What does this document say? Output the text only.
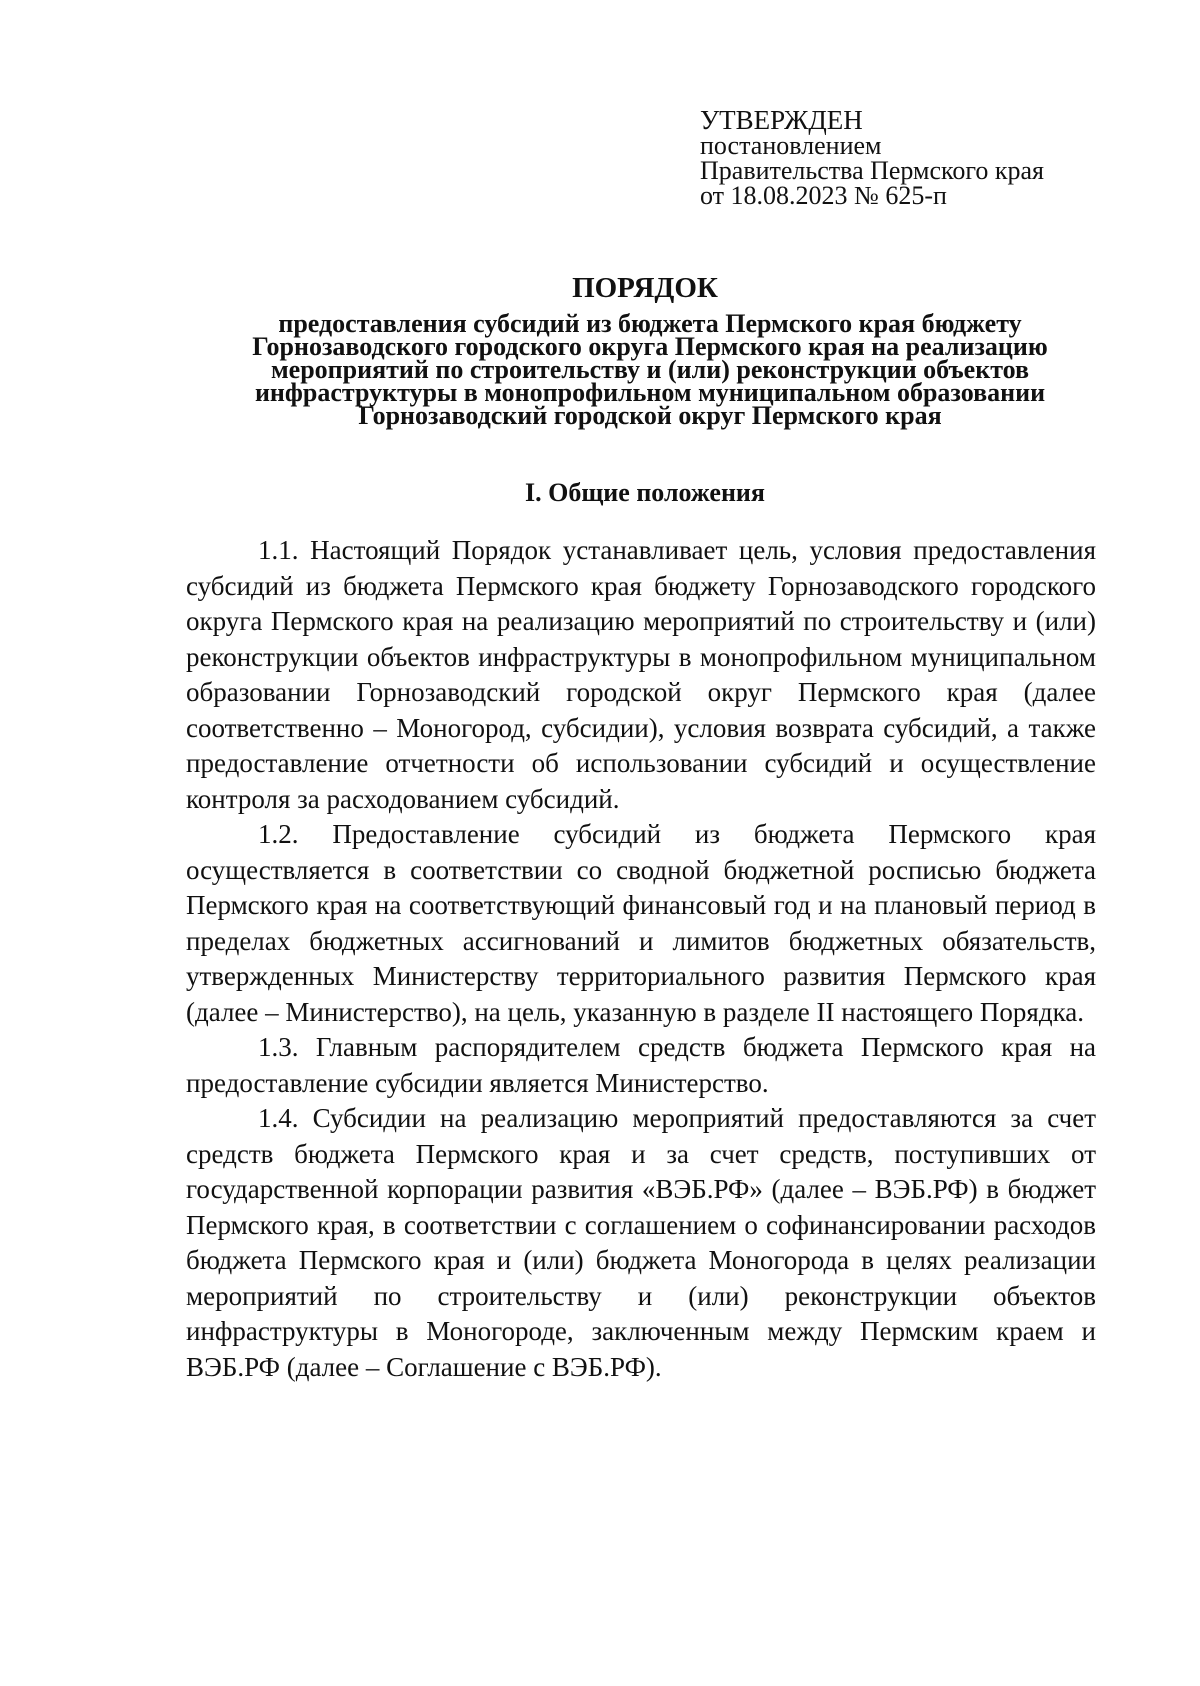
УТВЕРЖДЕН
постановлением
Правительства Пермского края
от 18.08.2023 № 625-п
ПОРЯДОК
предоставления субсидий из бюджета Пермского края бюджету
Горнозаводского городского округа Пермского края на реализацию
мероприятий по строительству и (или) реконструкции объектов
инфраструктуры в монопрофильном муниципальном образовании
Горнозаводский городской округ Пермского края
I. Общие положения

1.1. Настоящий Порядок устанавливает цель, условия предоставления субсидий из бюджета Пермского края бюджету Горнозаводского городского округа Пермского края на реализацию мероприятий по строительству и (или) реконструкции объектов инфраструктуры в монопрофильном муниципальном образовании Горнозаводский городской округ Пермского края (далее соответственно – Моногород, субсидии), условия возврата субсидий, а также предоставление отчетности об использовании субсидий и осуществление контроля за расходованием субсидий.

1.2. Предоставление субсидий из бюджета Пермского края осуществляется в соответствии со сводной бюджетной росписью бюджета Пермского края на соответствующий финансовый год и на плановый период в пределах бюджетных ассигнований и лимитов бюджетных обязательств, утвержденных Министерству территориального развития Пермского края (далее – Министерство), на цель, указанную в разделе II настоящего Порядка.

1.3. Главным распорядителем средств бюджета Пермского края на предоставление субсидии является Министерство.

1.4. Субсидии на реализацию мероприятий предоставляются за счет средств бюджета Пермского края и за счет средств, поступивших от государственной корпорации развития «ВЭБ.РФ» (далее – ВЭБ.РФ) в бюджет Пермского края, в соответствии с соглашением о софинансировании расходов бюджета Пермского края и (или) бюджета Моногорода в целях реализации мероприятий по строительству и (или) реконструкции объектов инфраструктуры в Моногороде, заключенным между Пермским краем и ВЭБ.РФ (далее – Соглашение с ВЭБ.РФ).
